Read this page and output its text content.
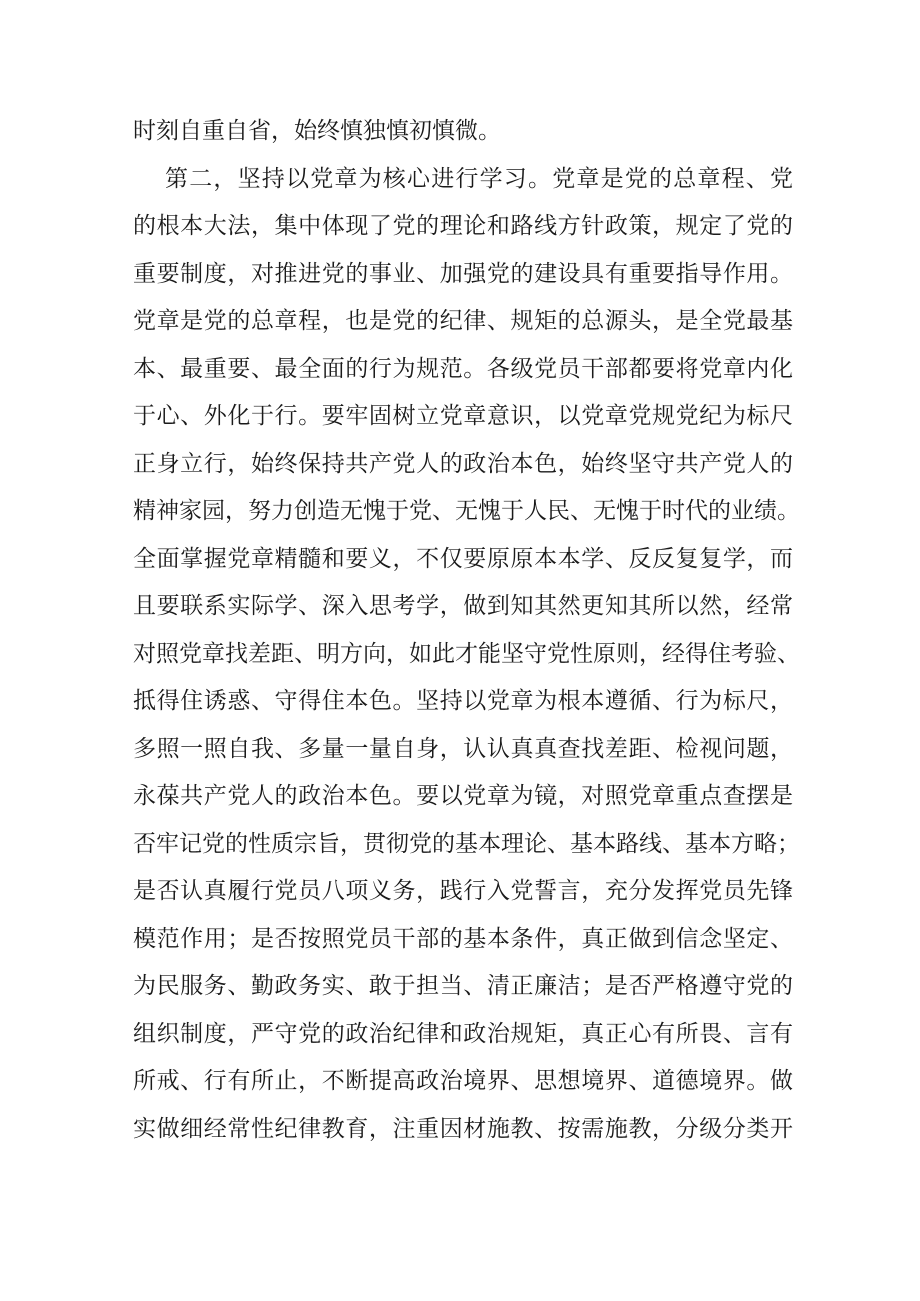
时刻自重自省，始终慎独慎初慎微。
第二，坚持以党章为核心进行学习。党章是党的总章程、党
的根本大法，集中体现了党的理论和路线方针政策，规定了党的
重要制度，对推进党的事业、加强党的建设具有重要指导作用。
党章是党的总章程，也是党的纪律、规矩的总源头，是全党最基
本、最重要、最全面的行为规范。各级党员干部都要将党章内化
于心、外化于行。要牢固树立党章意识，以党章党规党纪为标尺
正身立行，始终保持共产党人的政治本色，始终坚守共产党人的
精神家园，努力创造无愧于党、无愧于人民、无愧于时代的业绩。
全面掌握党章精髓和要义，不仅要原原本本学、反反复复学，而
且要联系实际学、深入思考学，做到知其然更知其所以然，经常
对照党章找差距、明方向，如此才能坚守党性原则，经得住考验、
抵得住诱惑、守得住本色。坚持以党章为根本遵循、行为标尺，
多照一照自我、多量一量自身，认认真真查找差距、检视问题，
永葆共产党人的政治本色。要以党章为镜，对照党章重点查摆是
否牢记党的性质宗旨，贯彻党的基本理论、基本路线、基本方略；
是否认真履行党员八项义务，践行入党誓言，充分发挥党员先锋
模范作用；是否按照党员干部的基本条件，真正做到信念坚定、
为民服务、勤政务实、敢于担当、清正廉洁；是否严格遵守党的
组织制度，严守党的政治纪律和政治规矩，真正心有所畏、言有
所戒、行有所止，不断提高政治境界、思想境界、道德境界。做
实做细经常性纪律教育，注重因材施教、按需施教，分级分类开
